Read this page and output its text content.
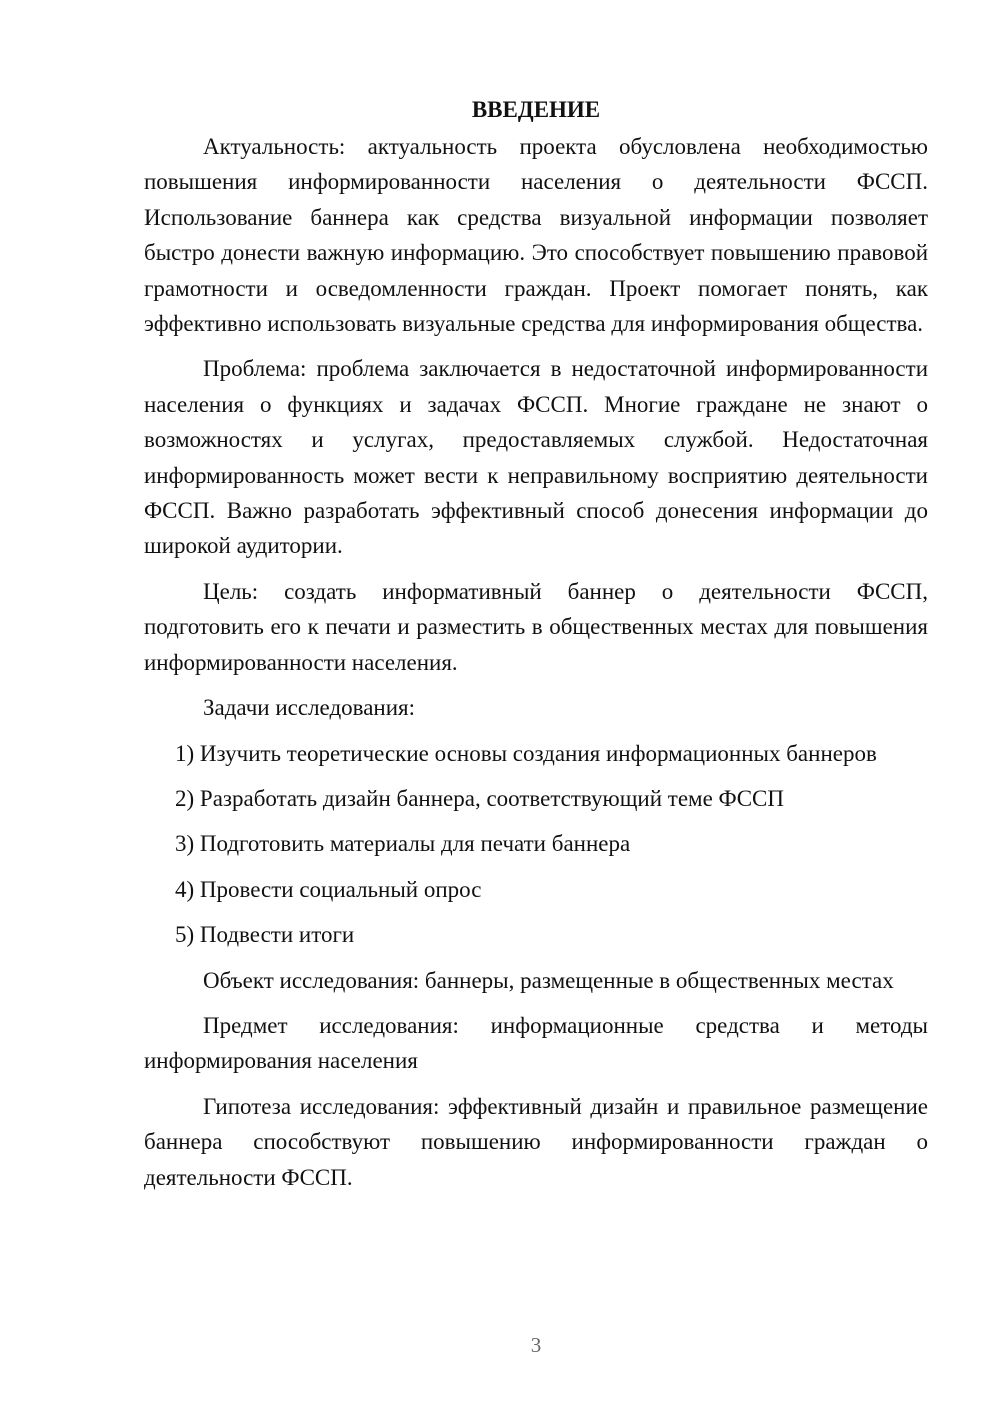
ВВЕДЕНИЕ

Актуальность: актуальность проекта обусловлена необходимостью повышения информированности населения о деятельности ФССП. Использование баннера как средства визуальной информации позволяет быстро донести важную информацию. Это способствует повышению правовой грамотности и осведомленности граждан. Проект помогает понять, как эффективно использовать визуальные средства для информирования общества.

Проблема: проблема заключается в недостаточной информированности населения о функциях и задачах ФССП. Многие граждане не знают о возможностях и услугах, предоставляемых службой. Недостаточная информированность может вести к неправильному восприятию деятельности ФССП. Важно разработать эффективный способ донесения информации до широкой аудитории.

Цель: создать информативный баннер о деятельности ФССП, подготовить его к печати и разместить в общественных местах для повышения информированности населения.

Задачи исследования:

1) Изучить теоретические основы создания информационных баннеров

2) Разработать дизайн баннера, соответствующий теме ФССП

3) Подготовить материалы для печати баннера

4) Провести социальный опрос

5) Подвести итоги

Объект исследования: баннеры, размещенные в общественных местах

Предмет исследования: информационные средства и методы информирования населения

Гипотеза исследования: эффективный дизайн и правильное размещение баннера способствуют повышению информированности граждан о деятельности ФССП.

3
